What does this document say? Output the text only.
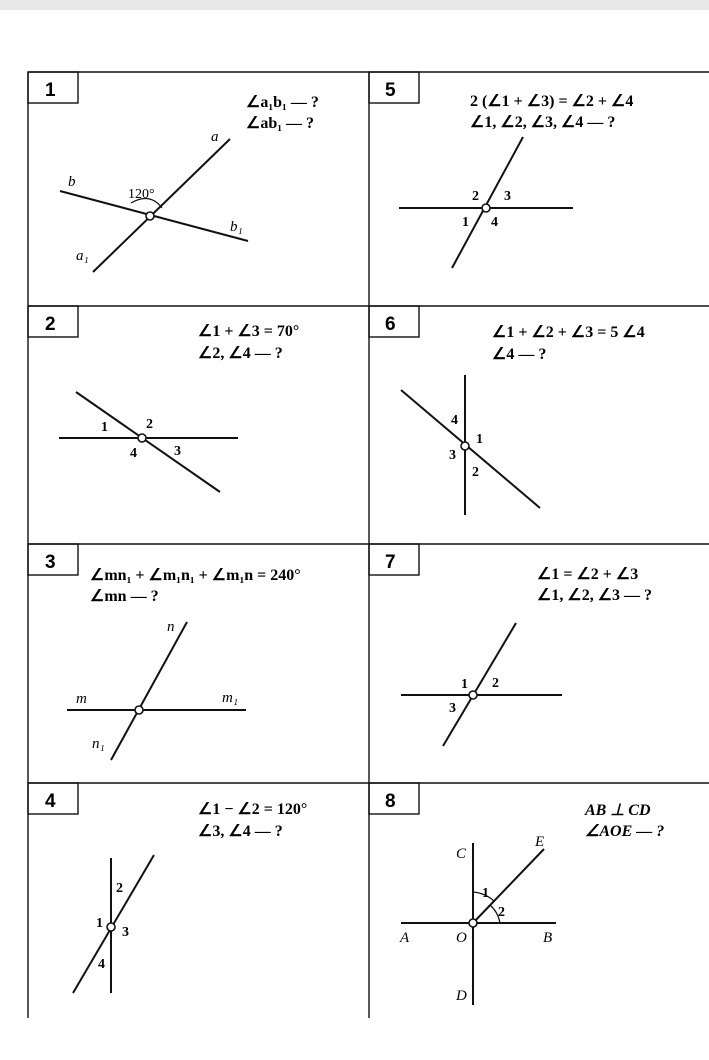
1
∠a₁b₁ — ?
∠ab₁ — ?
a
b
b₁
a₁
120°
5
2 (∠1 + ∠3) = ∠2 + ∠4
∠1, ∠2, ∠3, ∠4 — ?
2 3
1 4
2	∠1 + ∠3 = 70°
∠2, ∠4 — ?
1	2
3
4
6	∠1 + ∠2 + ∠3 = 5 ∠4
∠4 — ?
4
1
3
2
3
∠mn₁ + ∠m₁n₁ + ∠m₁n = 240°
∠mn — ?
n
m	m₁
n₁
7
∠1 = ∠2 + ∠3
∠1, ∠2, ∠3 — ?
1 2
3
4	∠1 − ∠2 = 120°
∠3, ∠4 — ?
2
1
3
4
8	AB ⊥ CD
∠AOE — ?
C
E
A	O	B
D
1
2
